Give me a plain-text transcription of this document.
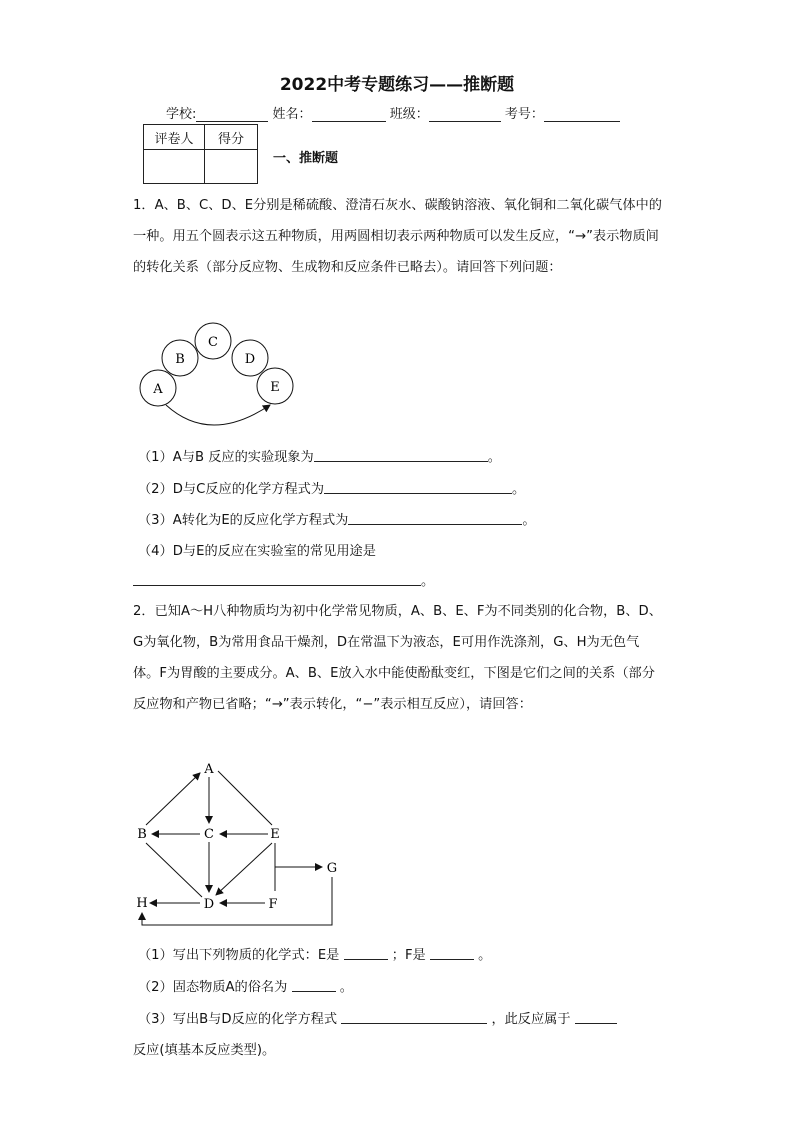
2022中考专题练习——推断题
学校:	姓名：	班级：	考号：
评卷人	得分

一、推断题
1．A、B、C、D、E分别是稀硫酸、澄清石灰水、碳酸钠溶液、氧化铜和二氧化碳气体中的一种。用五个圆表示这五种物质，用两圆相切表示两种物质可以发生反应，“→”表示物质间的转化关系（部分反应物、生成物和反应条件已略去）。请回答下列问题：
A
B
C
D
E
（1）A与B 反应的实验现象为	。
（2）D与C反应的化学方程式为	。
（3）A转化为E的反应化学方程式为	。
（4）D与E的反应在实验室的常见用途是
。
2．已知A～H八种物质均为初中化学常见物质，A、B、E、F为不同类别的化合物，B、D、G为氧化物，B为常用食品干燥剂，D在常温下为液态，E可用作洗涤剂，G、H为无色气体。F为胃酸的主要成分。A、B、E放入水中能使酚酞变红，下图是它们之间的关系（部分反应物和产物已省略；“→”表示转化，“−”表示相互反应），请回答：
A
B	C	E
G
H	D	F
（1）写出下列物质的化学式：E是	；F是	。
（2）固态物质A的俗名为	。
（3）写出B与D反应的化学方程式	，此反应属于
反应(填基本反应类型)。
